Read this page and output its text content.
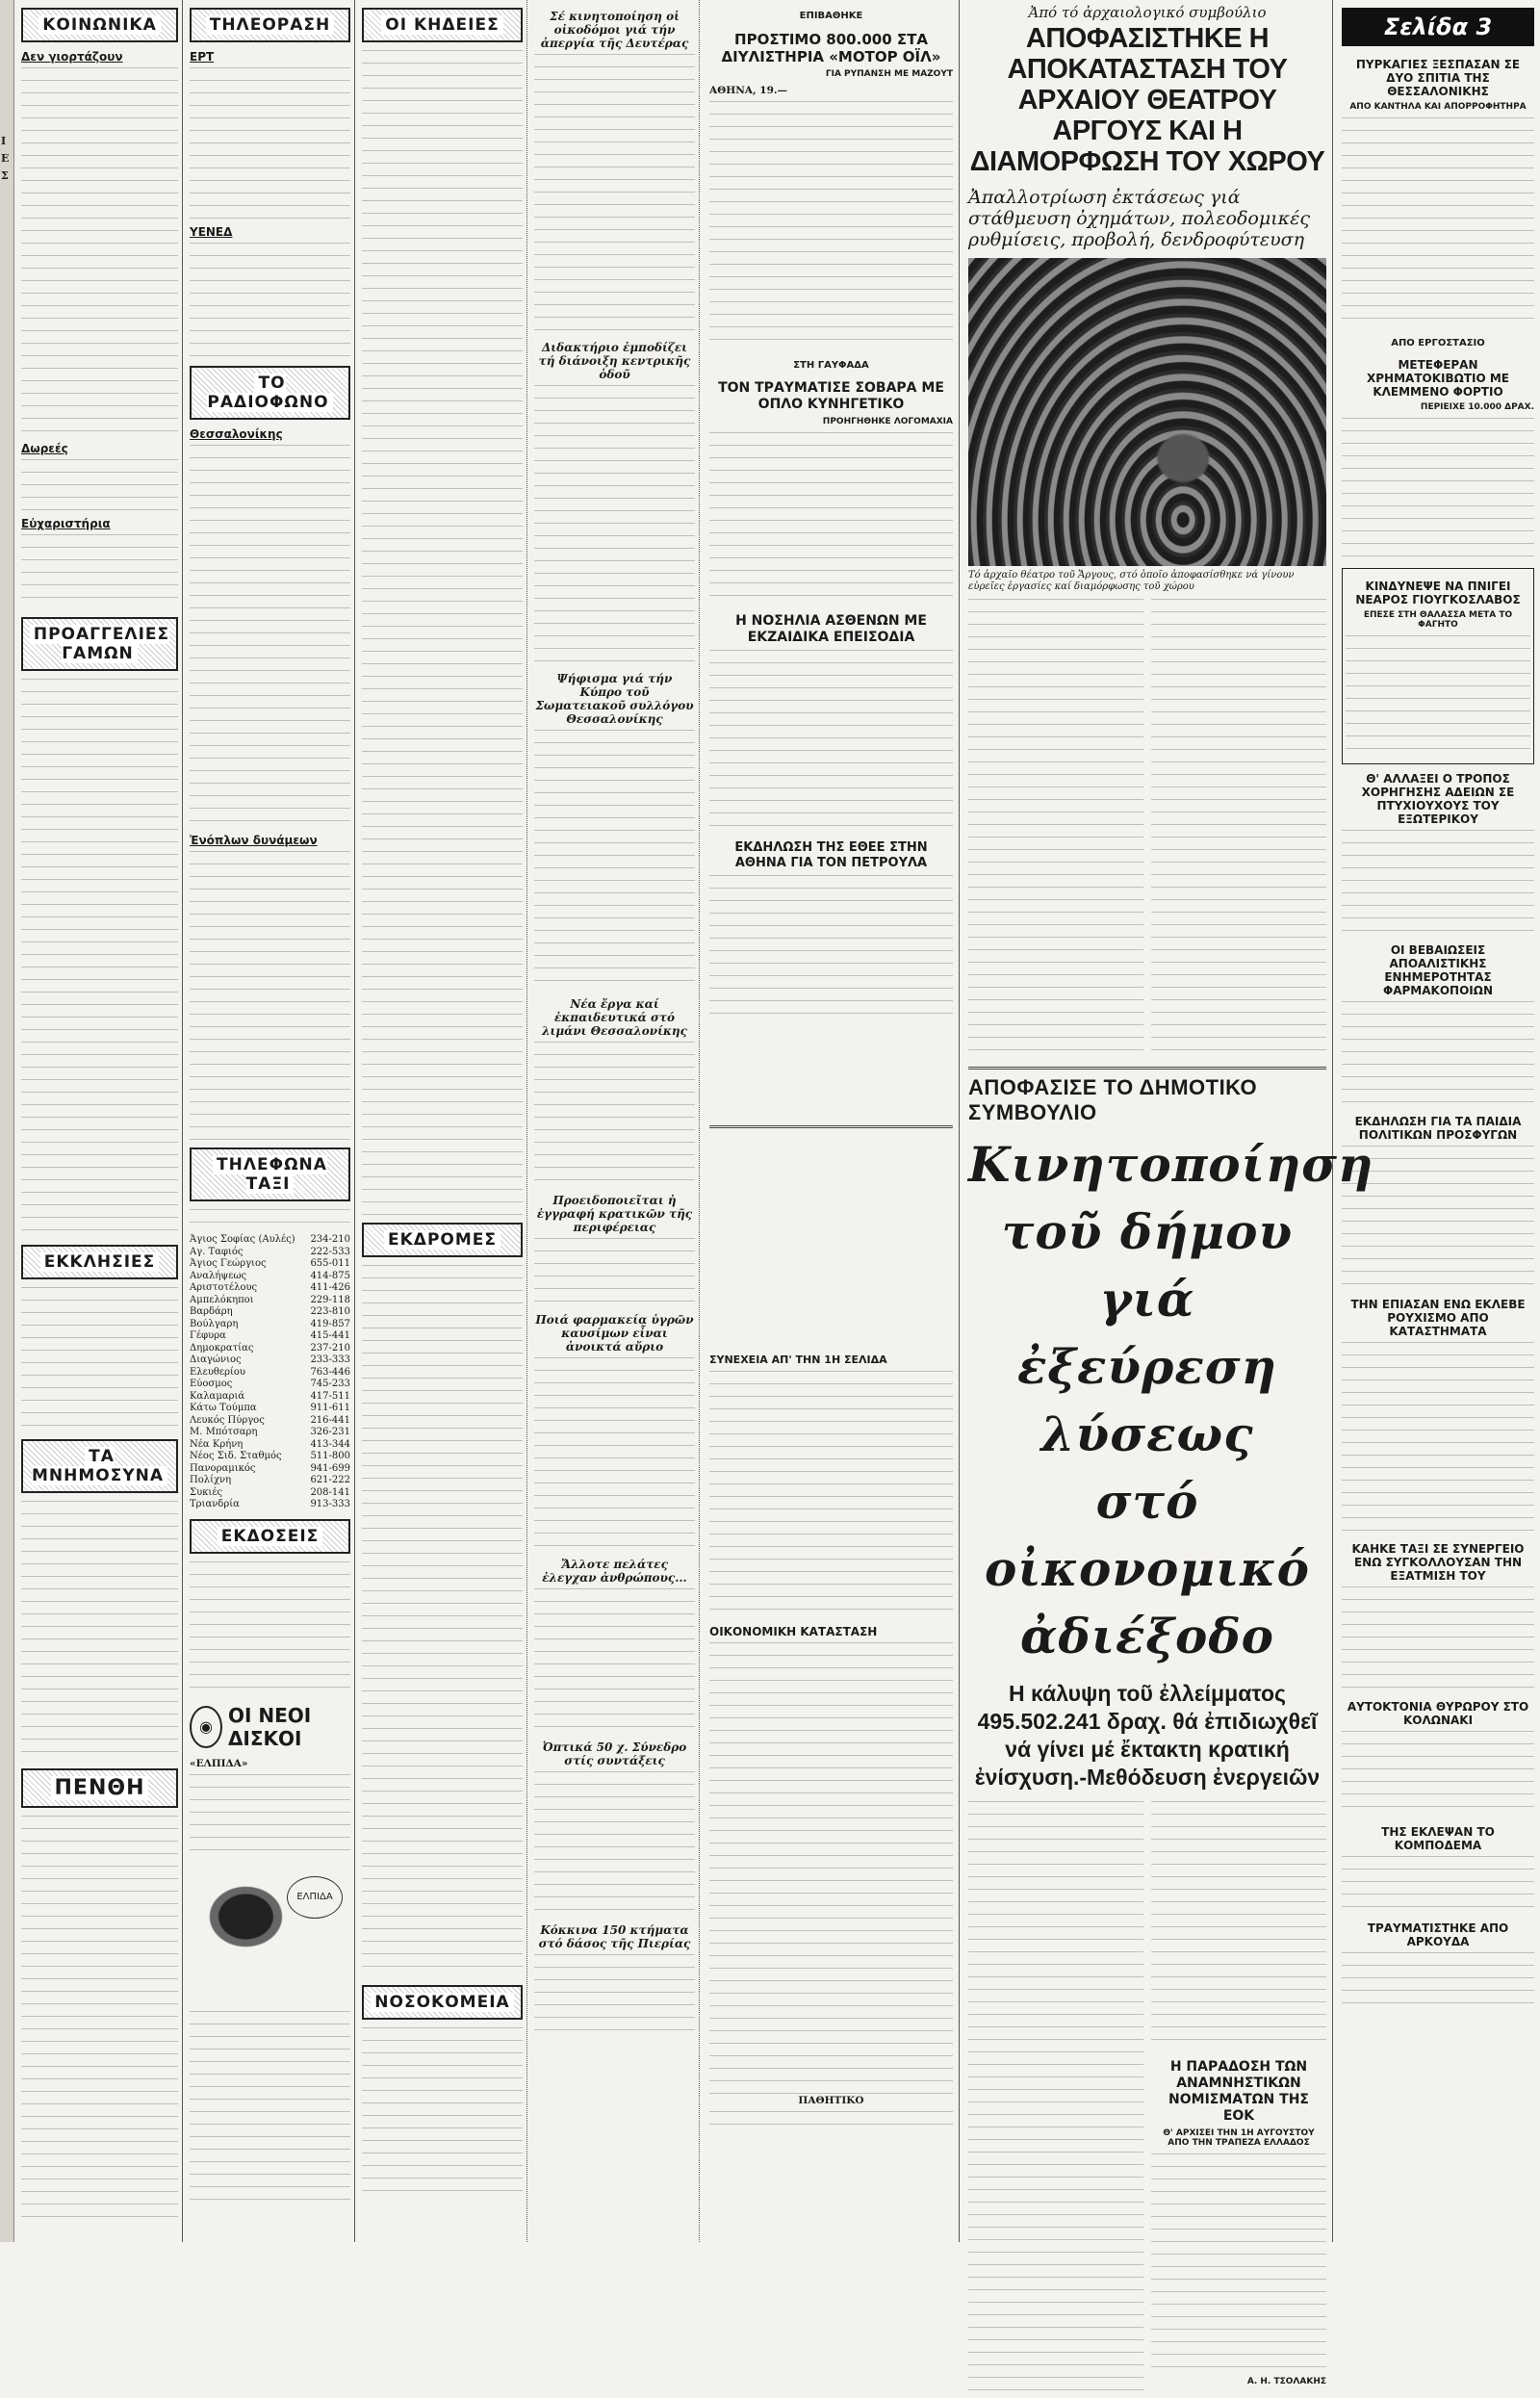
Ι
Ε
Σ
ΚΟΙΝΩΝΙΚΑ
Δεν γιορτάζουν
Δωρεές
Εὐχαριστήρια
ΠΡΟΑΓΓΕΛΙΕΣ ΓΑΜΩΝ
ΕΚΚΛΗΣΙΕΣ
ΤΑ ΜΝΗΜΟΣΥΝΑ
ΠΕΝΘΗ
ΤΗΛΕΟΡΑΣΗ
ΕΡΤ
ΥΕΝΕΔ
ΤΟ ΡΑΔΙΟΦΩΝΟ
Θεσσαλονίκης
Ἐνόπλων δυνάμεων
ΤΗΛΕΦΩΝΑ ΤΑΞΙ
Άγιος Σοφίας (Αυλές) 234-210
Αγ. Ταφιός	222-533
Άγιος Γεώργιος	655-011
Αναλήψεως	414-875
Αριστοτέλους	411-426
Αμπελόκηποι	229-118
Βαρδάρη	223-810
Βούλγαρη	419-857
Γέφυρα	415-441
Δημοκρατίας	237-210
Διαγώνιος	233-333
Ελευθερίου	763-446
Εύοσμος	745-233
Καλαμαριά	417-511
Κάτω Τούμπα	911-611
Λευκός Πύργος	216-441
Μ. Μπότσαρη	326-231
Νέα Κρήνη	413-344
Νέος Σιδ. Σταθμός	511-800
Πανοραμικός	941-699
Πολίχνη	621-222
Συκιές	208-141
Τριανδρία	913-333
ΕΚΔΟΣΕΙΣ
◉ ΟΙ ΝΕΟΙ ΔΙΣΚΟΙ
«ΕΛΠΙΔΑ»
ΕΛΠΙΔΑ
ΟΙ ΚΗΔΕΙΕΣ
ΕΚΔΡΟΜΕΣ
ΝΟΣΟΚΟΜΕΙΑ
Σέ κινητοποίηση οἱ οἰκοδόμοι γιά τήν ἀπεργία τῆς Δευτέρας
Διδακτήριο ἐμποδίζει τή διάνοιξη κεντρικῆς ὁδοῦ
Ψήφισμα γιά τήν Κύπρο τοῦ Σωματειακοῦ συλλόγου Θεσσαλονίκης
Νέα ἔργα καί ἐκπαιδευτικά στό λιμάνι Θεσσαλονίκης
Προειδοποιεῖται ἡ ἐγγραφή κρατικῶν τῆς περιφέρειας
Ποιά φαρμακεία ὑγρῶν καυσίμων εἶναι ἀνοικτά αὔριο
Ἄλλοτε πελάτες ἐλεγχαν ἀνθρώπους...
Ὀπτικά 50 χ. Σύνεδρο στίς συντάξεις
Κόκκινα 150 κτήματα στό δάσος τῆς Πιερίας
ΕΠΙΒΑΘΗΚΕ
ΠΡΟΣΤΙΜΟ 800.000 ΣΤΑ ΔΙΥΛΙΣΤΗΡΙΑ «ΜΟΤΟΡ ΟΪΛ»
ΓΙΑ ΡΥΠΑΝΣΗ ΜΕ ΜΑΖΟΥΤ
ΑΘΗΝΑ, 19.—
ΣΤΗ ΓΑΥΦΑΔΑ
ΤΟΝ ΤΡΑΥΜΑΤΙΣΕ ΣΟΒΑΡΑ ΜΕ ΟΠΛΟ ΚΥΝΗΓΕΤΙΚΟ
ΠΡΟΗΓΗΘΗΚΕ ΛΟΓΟΜΑΧΙΑ
Η ΝΟΣΗΛΙΑ ΑΣΘΕΝΩΝ ΜΕ ΕΚΖΑΙΔΙΚΑ ΕΠΕΙΣΟΔΙΑ
ΕΚΔΗΛΩΣΗ ΤΗΣ ΕΘΕΕ ΣΤΗΝ ΑΘΗΝΑ ΓΙΑ ΤΟΝ ΠΕΤΡΟΥΛΑ
ΣΥΝΕΧΕΙΑ ΑΠ' ΤΗΝ 1Η ΣΕΛΙΔΑ
ΟΙΚΟΝΟΜΙΚΗ ΚΑΤΑΣΤΑΣΗ
ΠΑΘΗΤΙΚΟ
Ἀπό τό ἀρχαιολογικό συμβούλιο
ΑΠΟΦΑΣΙΣΤΗΚΕ Η ΑΠΟΚΑΤΑΣΤΑΣΗ ΤΟΥ ΑΡΧΑΙΟΥ ΘΕΑΤΡΟΥ ΑΡΓΟΥΣ ΚΑΙ Η ΔΙΑΜΟΡΦΩΣΗ ΤΟΥ ΧΩΡΟΥ
Ἀπαλλοτρίωση ἐκτάσεως γιά στάθμευση ὀχημάτων, πολεοδομικές ρυθμίσεις, προβολή, δενδροφύτευση
Τό ἀρχαῖο θέατρο τοῦ Ἄργους, στό ὁποῖο ἀποφασίσθηκε νά γίνουν εὐρεῖες ἐργασίες καί διαμόρφωσης τοῦ χώρου
ΑΠΟΦΑΣΙΣΕ ΤΟ ΔΗΜΟΤΙΚΟ ΣΥΜΒΟΥΛΙΟ

Κινητοποίηση τοῦ δήμου

γιά ἐξεύρεση λύσεως

στό οἰκονομικό ἀδιέξοδο

Η κάλυψη τοῦ ἐλλείμματος 495.502.241 δραχ. θά ἐπιδιωχθεῖ νά γίνει μέ ἔκτακτη κρατική ἐνίσχυση.-Μεθόδευση ἐνεργειῶν
Η ΠΑΡΑΔΟΣΗ ΤΩΝ ΑΝΑΜΝΗΣΤΙΚΩΝ ΝΟΜΙΣΜΑΤΩΝ ΤΗΣ ΕΟΚ
Θ' ΑΡΧΙΣΕΙ ΤΗΝ 1Η ΑΥΓΟΥΣΤΟΥ ΑΠΟ ΤΗΝ ΤΡΑΠΕΖΑ ΕΛΛΑΔΟΣ
Α. Η. ΤΣΟΛΑΚΗΣ
Σελίδα 3
ΠΥΡΚΑΓΙΕΣ ΞΕΣΠΑΣΑΝ ΣΕ ΔΥΟ ΣΠΙΤΙΑ ΤΗΣ ΘΕΣΣΑΛΟΝΙΚΗΣ
ΑΠΟ ΚΑΝΤΗΛΑ ΚΑΙ ΑΠΟΡΡΟΦΗΤΗΡΑ
ΑΠΟ ΕΡΓΟΣΤΑΣΙΟ
ΜΕΤΕΦΕΡΑΝ ΧΡΗΜΑΤΟΚΙΒΩΤΙΟ ΜΕ ΚΛΕΜΜΕΝΟ ΦΟΡΤΙΟ
ΠΕΡΙΕΙΧΕ 10.000 ΔΡΑΧ.
ΚΙΝΔΥΝΕΨΕ ΝΑ ΠΝΙΓΕΙ ΝΕΑΡΟΣ ΓΙΟΥΓΚΟΣΛΑΒΟΣ
ΕΠΕΣΕ ΣΤΗ ΘΑΛΑΣΣΑ ΜΕΤΑ ΤΟ ΦΑΓΗΤΟ
Θ' ΑΛΛΑΞΕΙ Ο ΤΡΟΠΟΣ ΧΟΡΗΓΗΣΗΣ ΑΔΕΙΩΝ ΣΕ ΠΤΥΧΙΟΥΧΟΥΣ ΤΟΥ ΕΞΩΤΕΡΙΚΟΥ
ΟΙ ΒΕΒΑΙΩΣΕΙΣ ΑΠΟΑΛΙΣΤΙΚΗΣ ΕΝΗΜΕΡΟΤΗΤΑΣ ΦΑΡΜΑΚΟΠΟΙΩΝ
ΕΚΔΗΛΩΣΗ ΓΙΑ ΤΑ ΠΑΙΔΙΑ ΠΟΛΙΤΙΚΩΝ ΠΡΟΣΦΥΓΩΝ
ΤΗΝ ΕΠΙΑΣΑΝ ΕΝΩ ΕΚΛΕΒΕ ΡΟΥΧΙΣΜΟ ΑΠΟ ΚΑΤΑΣΤΗΜΑΤΑ
ΚΑΗΚΕ ΤΑΞΙ ΣΕ ΣΥΝΕΡΓΕΙΟ ΕΝΩ ΣΥΓΚΟΛΛΟΥΣΑΝ ΤΗΝ ΕΞΑΤΜΙΣΗ ΤΟΥ
ΑΥΤΟΚΤΟΝΙΑ ΘΥΡΩΡΟΥ ΣΤΟ ΚΟΛΩΝΑΚΙ
ΤΗΣ ΕΚΛΕΨΑΝ ΤΟ ΚΟΜΠΟΔΕΜΑ
ΤΡΑΥΜΑΤΙΣΤΗΚΕ ΑΠΟ ΑΡΚΟΥΔΑ
